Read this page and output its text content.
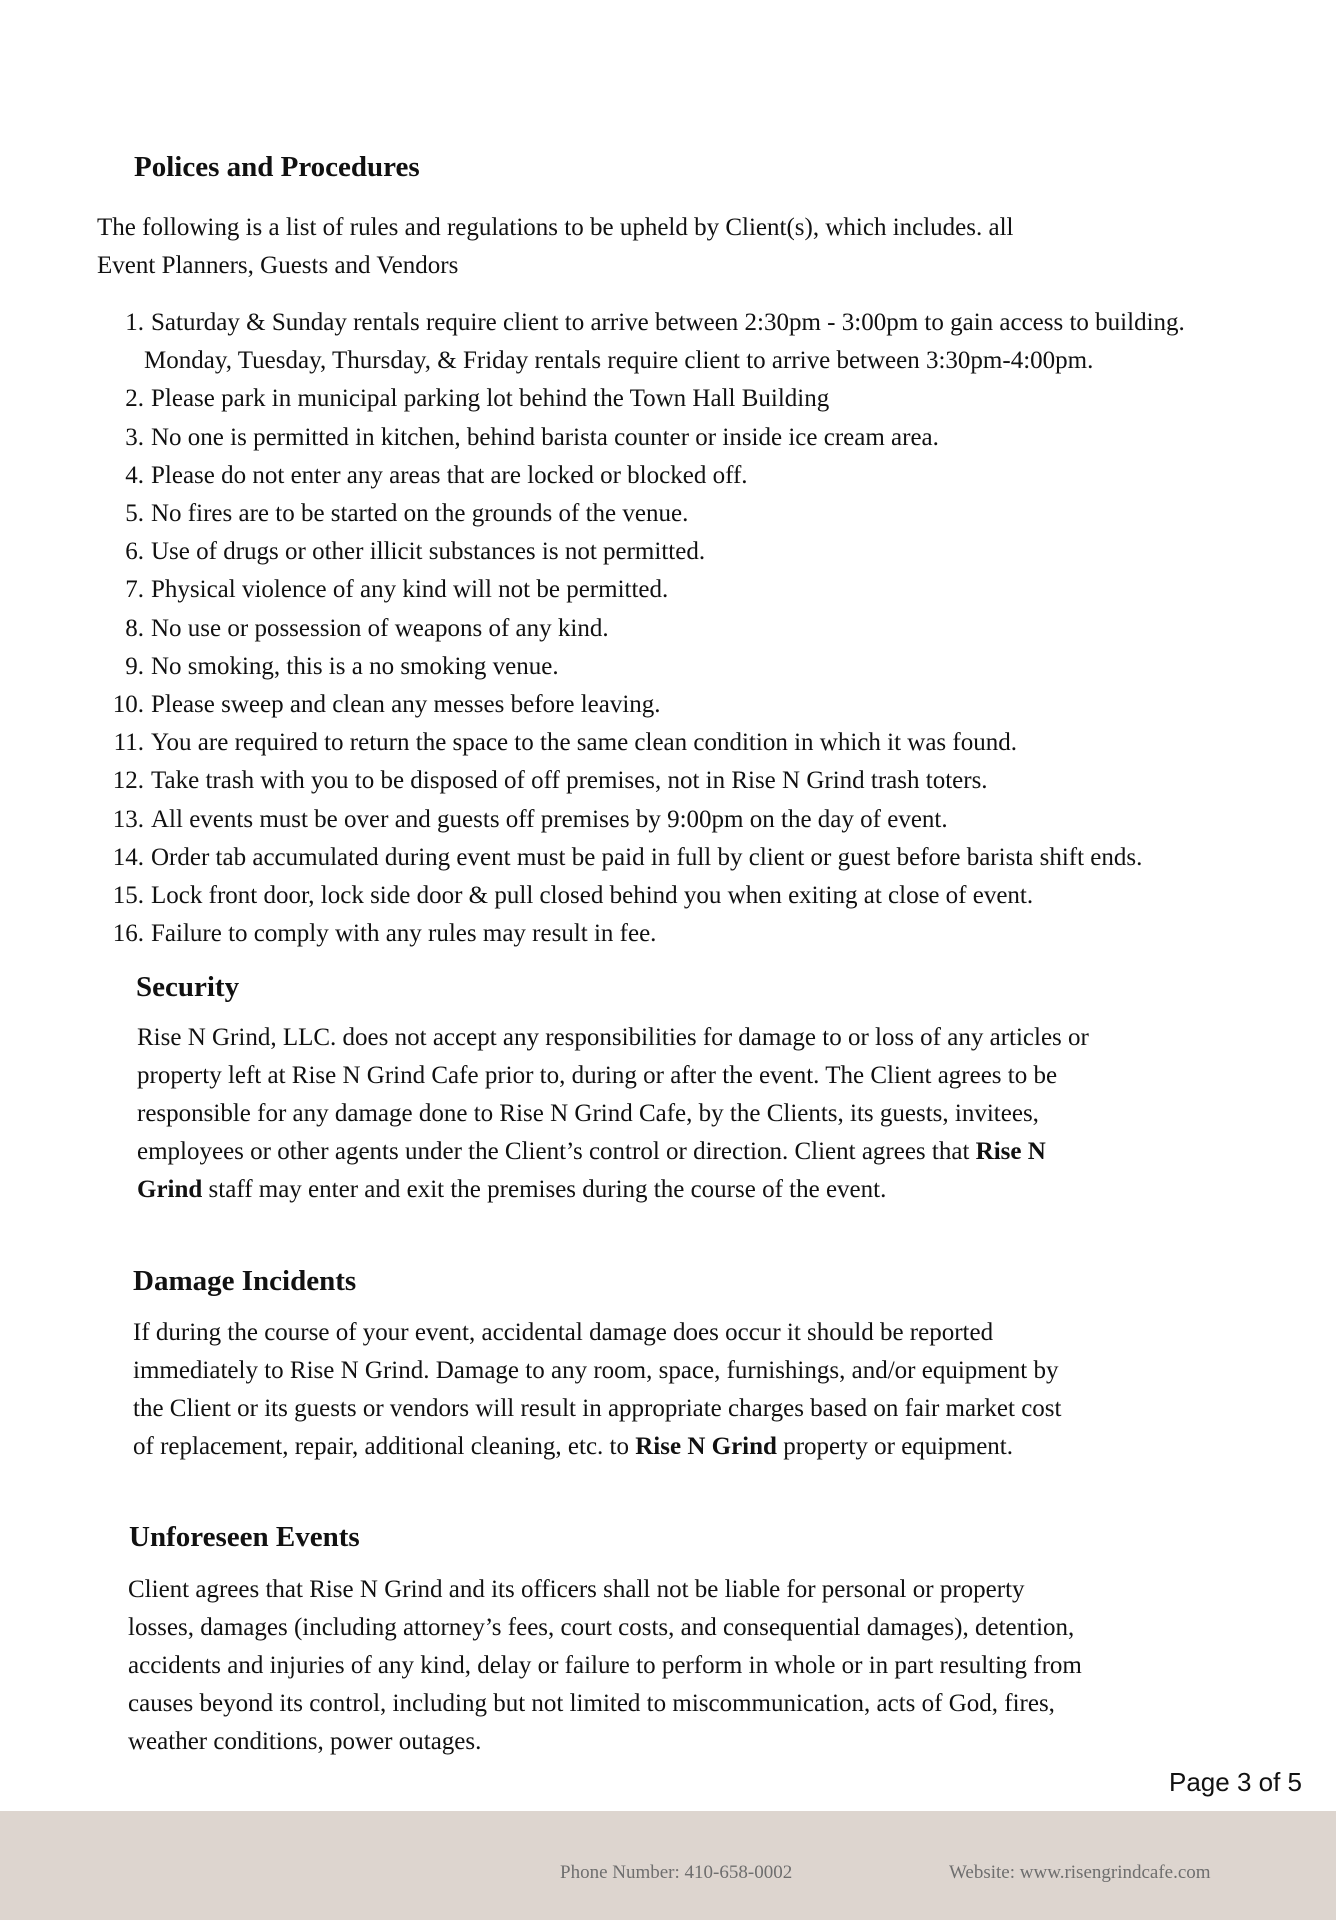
Polices and Procedures

The following is a list of rules and regulations to be upheld by Client(s), which includes. all
Event Planners, Guests and Vendors

1. Saturday & Sunday rentals require client to arrive between 2:30pm - 3:00pm to gain access to building.
Monday, Tuesday, Thursday, & Friday rentals require client to arrive between 3:30pm-4:00pm.
2. Please park in municipal parking lot behind the Town Hall Building
3. No one is permitted in kitchen, behind barista counter or inside ice cream area.
4. Please do not enter any areas that are locked or blocked off.
5. No fires are to be started on the grounds of the venue.
6. Use of drugs or other illicit substances is not permitted.
7. Physical violence of any kind will not be permitted.
8. No use or possession of weapons of any kind.
9. No smoking, this is a no smoking venue.
10. Please sweep and clean any messes before leaving.
11. You are required to return the space to the same clean condition in which it was found.
12. Take trash with you to be disposed of off premises, not in Rise N Grind trash toters.
13. All events must be over and guests off premises by 9:00pm on the day of event.
14. Order tab accumulated during event must be paid in full by client or guest before barista shift ends.
15. Lock front door, lock side door & pull closed behind you when exiting at close of event.
16. Failure to comply with any rules may result in fee.
Security

Rise N Grind, LLC. does not accept any responsibilities for damage to or loss of any articles or
property left at Rise N Grind Cafe prior to, during or after the event. The Client agrees to be
responsible for any damage done to Rise N Grind Cafe, by the Clients, its guests, invitees,
employees or other agents under the Client’s control or direction. Client agrees that Rise N
Grind staff may enter and exit the premises during the course of the event.

Damage Incidents

If during the course of your event, accidental damage does occur it should be reported
immediately to Rise N Grind. Damage to any room, space, furnishings, and/or equipment by
the Client or its guests or vendors will result in appropriate charges based on fair market cost
of replacement, repair, additional cleaning, etc. to Rise N Grind property or equipment.

Unforeseen Events

Client agrees that Rise N Grind and its officers shall not be liable for personal or property
losses, damages (including attorney’s fees, court costs, and consequential damages), detention,
accidents and injuries of any kind, delay or failure to perform in whole or in part resulting from
causes beyond its control, including but not limited to miscommunication, acts of God, fires,
weather conditions, power outages.

Page 3 of 5
Phone Number: 410-658-0002	Website: www.risengrindcafe.com
